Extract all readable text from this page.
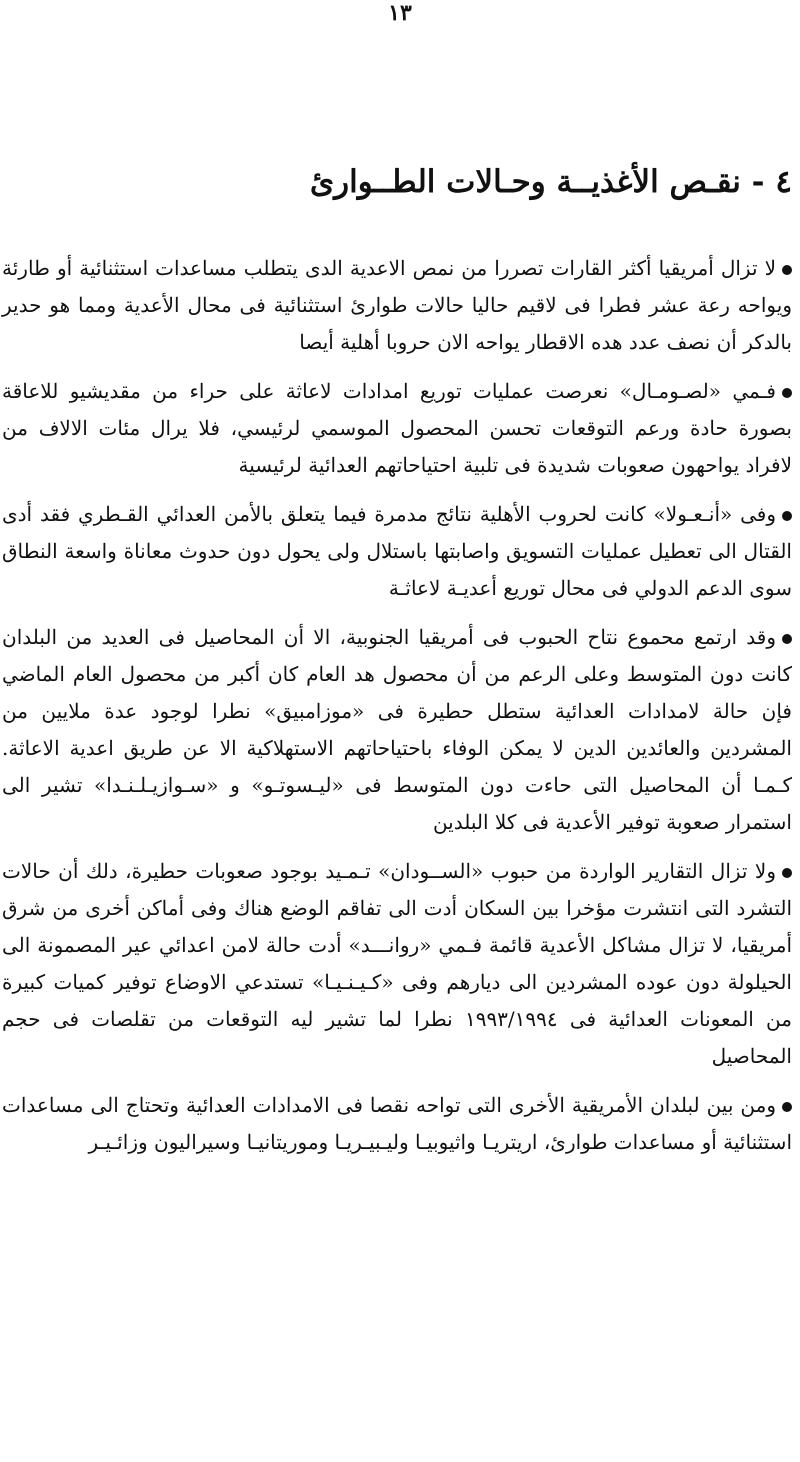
١٣
٤ - نقـص الأغذيــة وحـالات الطــوارئ

لا تزال أمريقيا أكثر القارات تصررا من نمص الاعدية الدى يتطلب مساعدات استثنائية أو طارئة ويواحه رعة عشر فطرا فى لاقيم حاليا حالات طوارئ استثنائية فى محال الأعدية ومما هو حدير بالدكر أن نصف عدد هده الاقطار يواحه الان حروبا أهلية أيصا

فـمي «لصـومـال» نعرصت عمليات توريع امدادات لاعاثة على حراء من مقديشيو للاعاقة بصورة حادة ورعم التوقعات تحسن المحصول الموسمي لرئيسي، فلا يرال مئات الالاف من لافراد يواحهون صعوبات شديدة فى تلبية احتياحاتهم العدائية لرئيسية

وفى «أنـعـولا» كانت لحروب الأهلية نتائج مدمرة فيما يتعلق بالأمن العدائي القـطري فقد أدى القتال الى تعطيل عمليات التسويق واصابتها باستلال ولى يحول دون حدوث معاناة واسعة النطاق سوى الدعم الدولي فى محال توريع أعديـة لاعاثـة

وقد ارتمع محموع نتاح الحبوب فى أمريقيا الجنوبية، الا أن المحاصيل فى العديد من البلدان كانت دون المتوسط وعلى الرعم من أن محصول هد العام كان أكبر من محصول العام الماضي فإن حالة لامدادات العدائية ستطل حطيرة فى «موزامبيق» نطرا لوجود عدة ملايين من المشردين والعائدين الدين لا يمكن الوفاء باحتياحاتهم الاستهلاكية الا عن طريق اعدية الاعاثة. كـمـا أن المحاصيل التى حاءت دون المتوسط فى «ليـسوتـو» و «سـوازيـلـنـدا» تشير الى استمرار صعوبة توفير الأعدية فى كلا البلدين

ولا تزال التقارير الواردة من حبوب «الســودان» تـمـيد بوجود صعوبات حطيرة، دلك أن حالات التشرد التى انتشرت مؤخرا بين السكان أدت الى تفاقم الوضع هناك وفى أماكن أخرى من شرق أمريقيا، لا تزال مشاكل الأعدية قائمة فـمي «روانـــد» أدت حالة لامن اعدائي عير المصمونة الى الحيلولة دون عوده المشردين الى ديارهم وفى «كـيـنـيـا» تستدعي الاوضاع توفير كميات كبيرة من المعونات العدائية فى ١٩٩٣/١٩٩٤ نطرا لما تشير ليه التوقعات من تقلصات فى حجم المحاصيل

ومن بين لبلدان الأمريقية الأخرى التى تواحه نقصا فى الامدادات العدائية وتحتاج الى مساعدات استثنائية أو مساعدات طوارئ، اريتريـا واثيوبيـا وليـبيـريـا وموريتانيـا وسيراليون وزائـيـر
